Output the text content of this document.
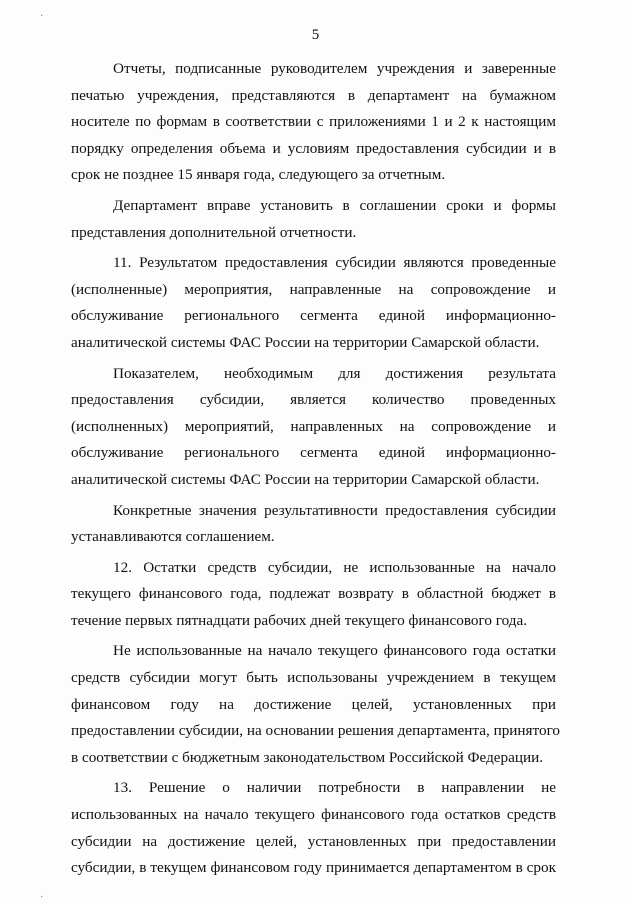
·
·
5

Отчеты, подписанные руководителем учреждения и заверенные
печатью учреждения, представляются в департамент на бумажном
носителе по формам в соответствии с приложениями 1 и 2 к настоящим
порядку определения объема и условиям предоставления субсидии и в
срок не позднее 15 января года, следующего за отчетным.

Департамент вправе установить в соглашении сроки и формы
представления дополнительной отчетности.

11. Результатом предоставления субсидии являются проведенные
(исполненные) мероприятия, направленные на сопровождение и
обслуживание регионального сегмента единой информационно-
аналитической системы ФАС России на территории Самарской области.

Показателем, необходимым для достижения результата
предоставления субсидии, является количество проведенных
(исполненных) мероприятий, направленных на сопровождение и
обслуживание регионального сегмента единой информационно-
аналитической системы ФАС России на территории Самарской области.

Конкретные значения результативности предоставления субсидии
устанавливаются соглашением.

12. Остатки средств субсидии, не использованные на начало
текущего финансового года, подлежат возврату в областной бюджет в
течение первых пятнадцати рабочих дней текущего финансового года.

Не использованные на начало текущего финансового года остатки
средств субсидии могут быть использованы учреждением в текущем
финансовом году на достижение целей, установленных при
предоставлении субсидии, на основании решения департамента, принятого
в соответствии с бюджетным законодательством Российской Федерации.

13. Решение о наличии потребности в направлении не
использованных на начало текущего финансового года остатков средств
субсидии на достижение целей, установленных при предоставлении
субсидии, в текущем финансовом году принимается департаментом в срок
